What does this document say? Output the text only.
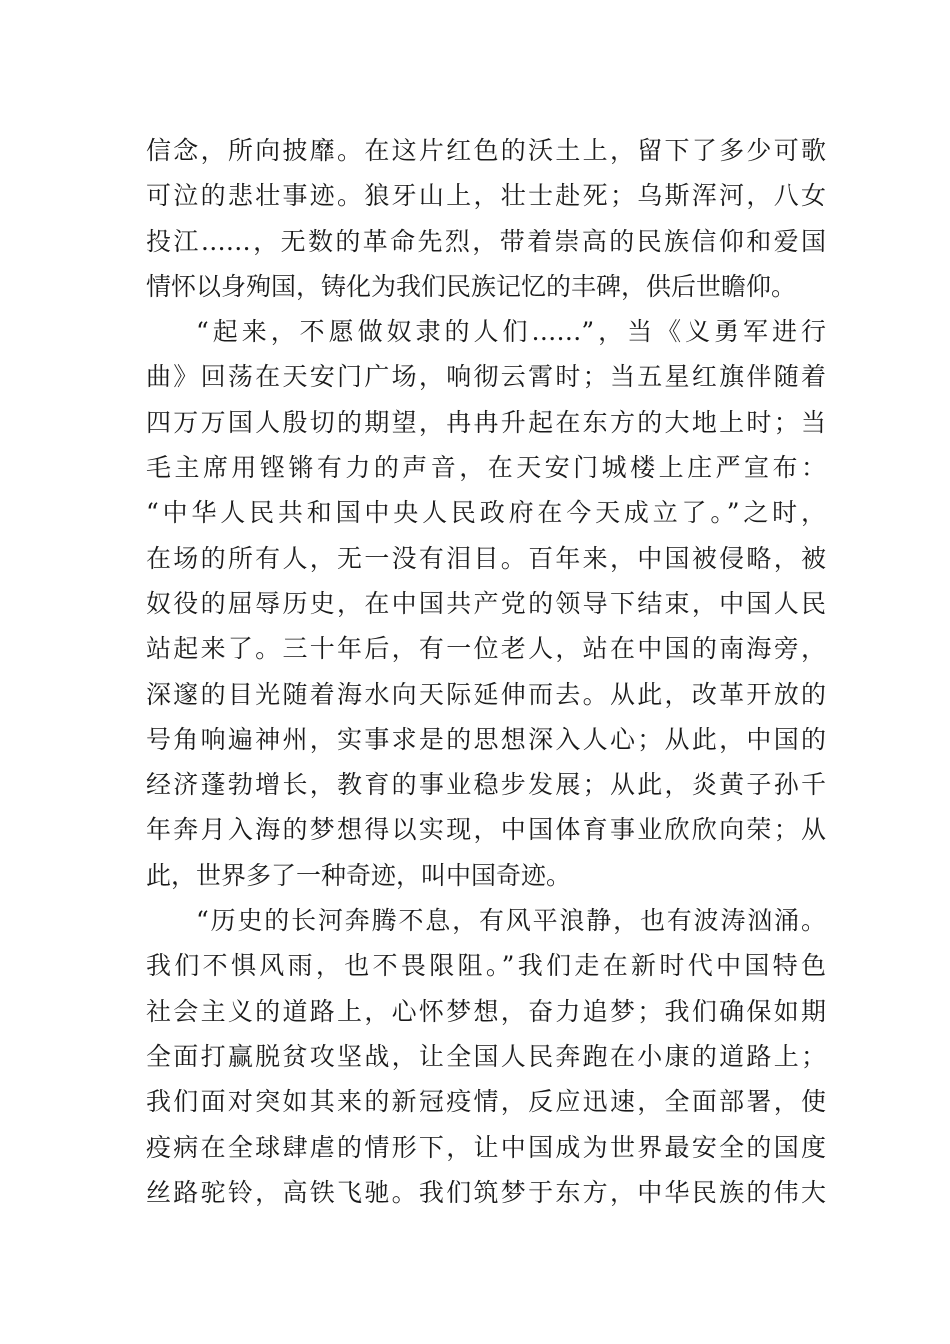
信念，所向披靡。在这片红色的沃土上，留下了多少可歌
可泣的悲壮事迹。狼牙山上，壮士赴死；乌斯浑河，八女
投江……，无数的革命先烈，带着崇高的民族信仰和爱国
情怀以身殉国，铸化为我们民族记忆的丰碑，供后世瞻仰。
“起来，不愿做奴隶的人们……”，当《义勇军进行
曲》回荡在天安门广场，响彻云霄时；当五星红旗伴随着
四万万国人殷切的期望，冉冉升起在东方的大地上时；当
毛主席用铿锵有力的声音，在天安门城楼上庄严宣布：
“中华人民共和国中央人民政府在今天成立了。”之时，
在场的所有人，无一没有泪目。百年来，中国被侵略，被
奴役的屈辱历史，在中国共产党的领导下结束，中国人民
站起来了。三十年后，有一位老人，站在中国的南海旁，
深邃的目光随着海水向天际延伸而去。从此，改革开放的
号角响遍神州，实事求是的思想深入人心；从此，中国的
经济蓬勃增长，教育的事业稳步发展；从此，炎黄子孙千
年奔月入海的梦想得以实现，中国体育事业欣欣向荣；从
此，世界多了一种奇迹，叫中国奇迹。
“历史的长河奔腾不息，有风平浪静，也有波涛汹涌。
我们不惧风雨，也不畏限阻。”我们走在新时代中国特色
社会主义的道路上，心怀梦想，奋力追梦；我们确保如期
全面打赢脱贫攻坚战，让全国人民奔跑在小康的道路上；
我们面对突如其来的新冠疫情，反应迅速，全面部署，使
疫病在全球肆虐的情形下，让中国成为世界最安全的国度
丝路驼铃，高铁飞驰。我们筑梦于东方，中华民族的伟大
